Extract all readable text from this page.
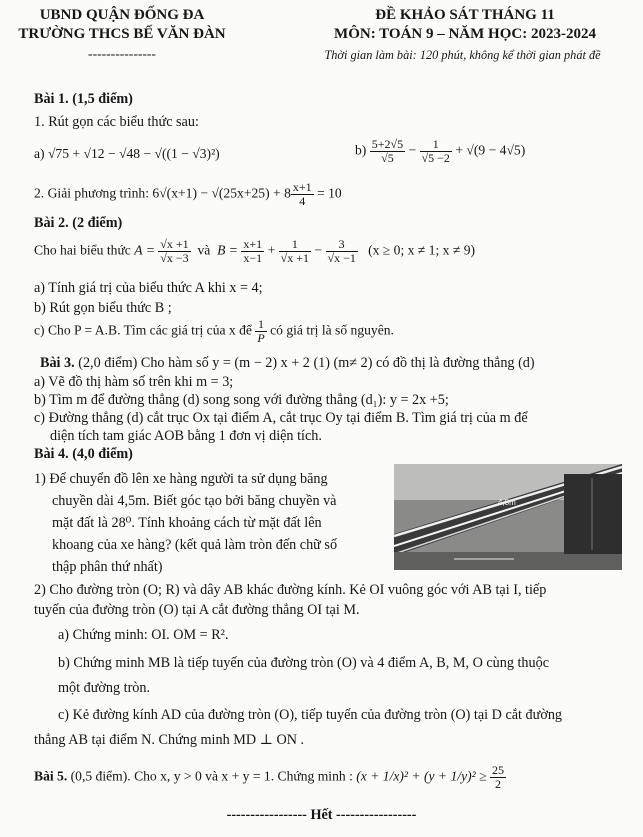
UBND QUẬN ĐỐNG ĐA
TRƯỜNG THCS BẾ VĂN ĐÀN
---------------
ĐỀ KHẢO SÁT THÁNG 11
MÔN: TOÁN 9 – NĂM HỌC: 2023-2024
Thời gian làm bài: 120 phút, không kể thời gian phát đề
Bài 1. (1,5 điểm)
1. Rút gọn các biểu thức sau:
a) √75 + √12 − √48 − √((1 − √3)²)	$b) \frac{5+2√5}{√5} - \frac{1}{√5 -2} + √(9 - 4√5)$
2. Giải phương trình: $6√(x+1) - √(25x+25) + 8 \frac{x+1}{4} = 10$
Bài 2. (2 điểm)
Cho hai biểu thức $A = \frac{√x +1}{√x -3}$ và $B = \frac{x+1}{x-1} + \frac{1}{√x +1} - \frac{3}{√x -1} (x \ge 0$; x ≠ 1; x ≠ 9)
a) Tính giá trị của biểu thức A khi x = 4;
b) Rút gọn biểu thức B ;
c) Cho P = A.B. Tìm các giá trị của x để $\frac{1}{P}$ có giá trị là số nguyên.
Bài 3. (2,0 điểm) Cho hàm số y = (m − 2) x + 2 (1) (m≠ 2) có đồ thị là đường thẳng (d)
a) Vẽ đồ thị hàm số trên khi m = 3;
b) Tìm m để đường thẳng (d) song song với đường thẳng (d₁): y = 2x +5;
c) Đường thẳng (d) cắt trục Ox tại điểm A, cắt trục Oy tại điểm B. Tìm giá trị của m để
diện tích tam giác AOB bằng 1 đơn vị diện tích.
Bài 4. (4,0 điểm)
1) Để chuyển đồ lên xe hàng người ta sử dụng băng
chuyền dài 4,5m. Biết góc tạo bởi băng chuyền và
mặt đất là 28⁰. Tính khoảng cách từ mặt đất lên
khoang của xe hàng? (kết quả làm tròn đến chữ số
thập phân thứ nhất)
4,5m
2) Cho đường tròn (O; R) và dây AB khác đường kính. Kẻ OI vuông góc với AB tại I, tiếp
tuyến của đường tròn (O) tại A cắt đường thẳng OI tại M.
a) Chứng minh: OI. OM = R².
b) Chứng minh MB là tiếp tuyến của đường tròn (O) và 4 điểm A, B, M, O cùng thuộc
một đường tròn.
c) Kẻ đường kính AD của đường tròn (O), tiếp tuyến của đường tròn (O) tại D cắt đường
thẳng AB tại điểm N. Chứng minh MD ⊥ ON .
Bài 5. (0,5 điểm). Cho x, y > 0 và x + y = 1. Chứng minh : $(x + 1/x)^2 + (y + 1/y)^2 \ge \frac{25}{2}$
----------------- Hết -----------------
